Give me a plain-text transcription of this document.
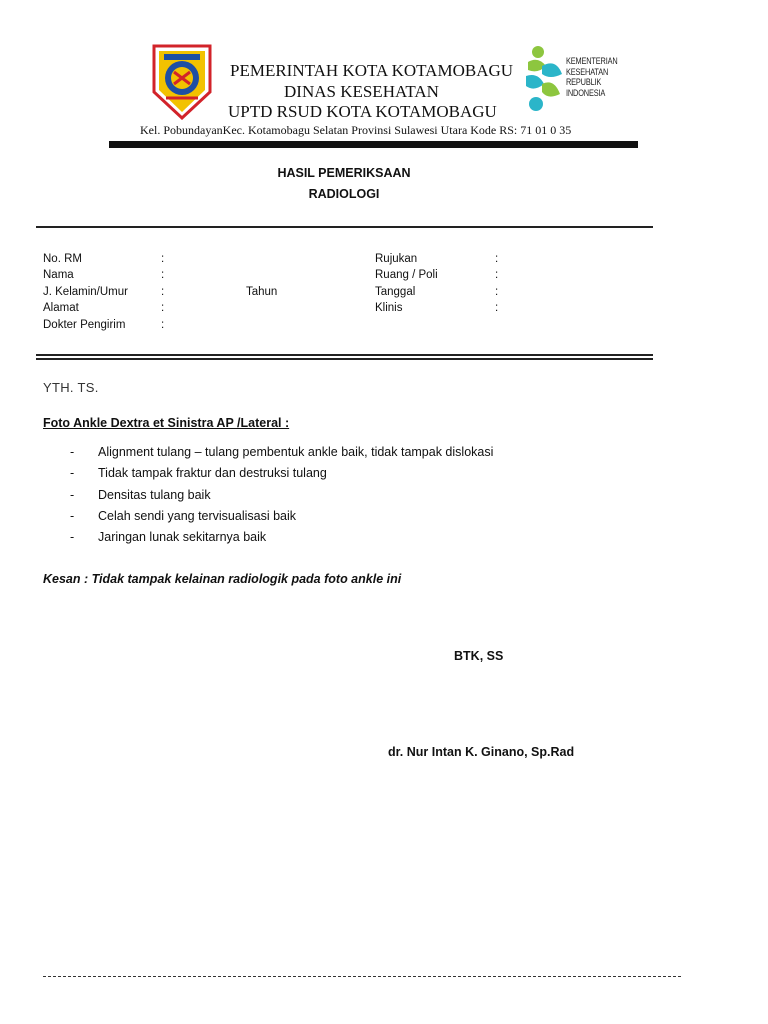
PEMERINTAH KOTA KOTAMOBAGU
DINAS KESEHATAN
UPTD RSUD KOTA KOTAMOBAGU
KEMENTERIAN
KESEHATAN
REPUBLIK
INDONESIA
Kel. PobundayanKec. Kotamobagu Selatan Provinsi Sulawesi Utara Kode RS: 71 01 0 35
HASIL PEMERIKSAAN
RADIOLOGI
No. RM	:
Nama	:
J. Kelamin/Umur	:	Tahun
Alamat	:
Dokter Pengirim	:
Rujukan	:
Ruang / Poli	:
Tanggal	:
Klinis	:
YTH. TS.
Foto Ankle Dextra et Sinistra AP /Lateral :
- Alignment tulang – tulang pembentuk ankle baik, tidak tampak dislokasi
- Tidak tampak fraktur dan destruksi tulang
- Densitas tulang baik
- Celah sendi yang tervisualisasi baik
- Jaringan lunak sekitarnya baik
Kesan : Tidak tampak kelainan radiologik pada foto ankle ini
BTK, SS
dr. Nur Intan K. Ginano, Sp.Rad
